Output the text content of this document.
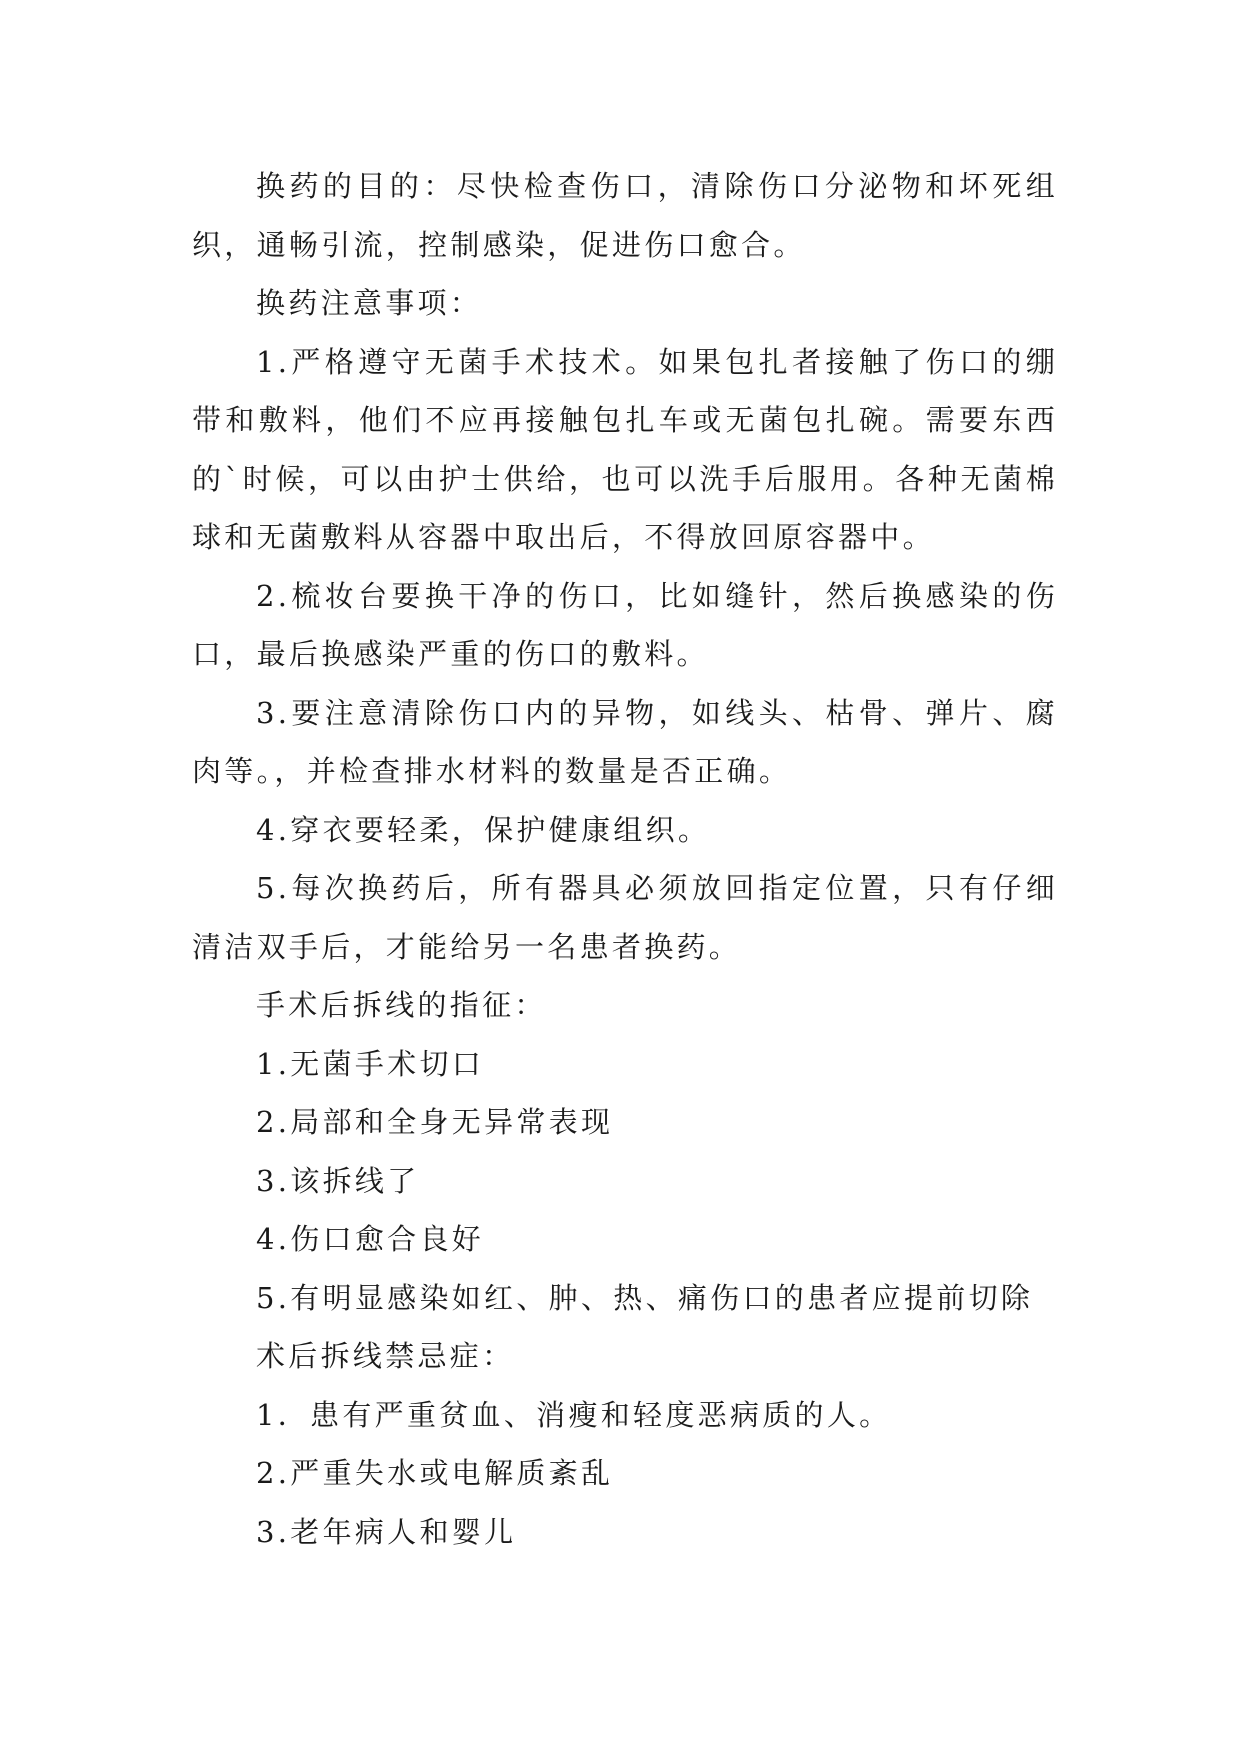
换药的目的：尽快检查伤口，清除伤口分泌物和坏死组织，通畅引流，控制感染，促进伤口愈合。

换药注意事项：

1.严格遵守无菌手术技术。如果包扎者接触了伤口的绷带和敷料，他们不应再接触包扎车或无菌包扎碗。需要东西的`时候，可以由护士供给，也可以洗手后服用。各种无菌棉球和无菌敷料从容器中取出后，不得放回原容器中。

2.梳妆台要换干净的伤口，比如缝针，然后换感染的伤口，最后换感染严重的伤口的敷料。

3.要注意清除伤口内的异物，如线头、枯骨、弹片、腐肉等。，并检查排水材料的数量是否正确。

4.穿衣要轻柔，保护健康组织。

5.每次换药后，所有器具必须放回指定位置，只有仔细清洁双手后，才能给另一名患者换药。

手术后拆线的指征：

1.无菌手术切口

2.局部和全身无异常表现

3.该拆线了

4.伤口愈合良好

5.有明显感染如红、肿、热、痛伤口的患者应提前切除

术后拆线禁忌症：

1．患有严重贫血、消瘦和轻度恶病质的人。

2.严重失水或电解质紊乱

3.老年病人和婴儿
